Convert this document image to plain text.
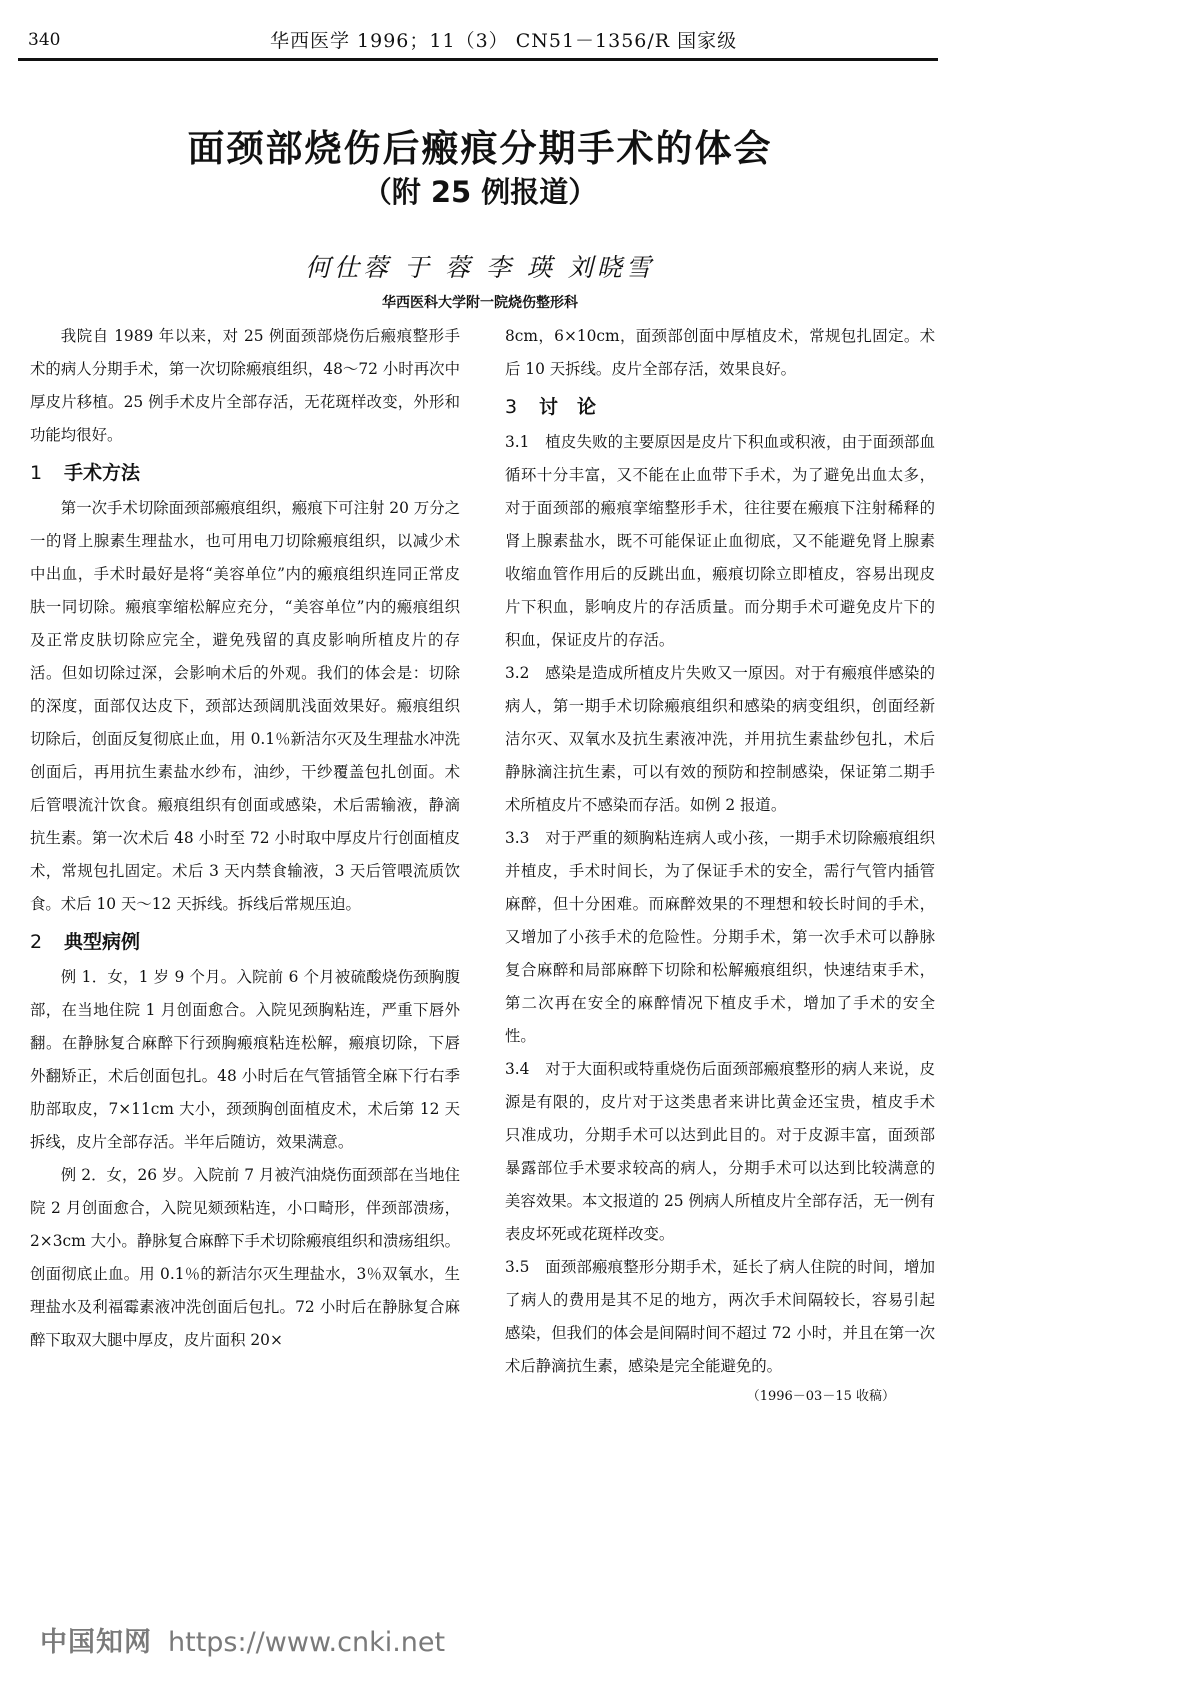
340	华西医学 1996；11（3） CN51－1356/R 国家级
面颈部烧伤后瘢痕分期手术的体会
（附 25 例报道）
何仕蓉 于 蓉 李 瑛 刘晓雪
华西医科大学附一院烧伤整形科

我院自 1989 年以来，对 25 例面颈部烧伤后瘢痕整形手术的病人分期手术，第一次切除瘢痕组织，48～72 小时再次中厚皮片移植。25 例手术皮片全部存活，无花斑样改变，外形和功能均很好。

1 手术方法

第一次手术切除面颈部瘢痕组织，瘢痕下可注射 20 万分之一的肾上腺素生理盐水，也可用电刀切除瘢痕组织，以减少术中出血，手术时最好是将“美容单位”内的瘢痕组织连同正常皮肤一同切除。瘢痕挛缩松解应充分，“美容单位”内的瘢痕组织及正常皮肤切除应完全，避免残留的真皮影响所植皮片的存活。但如切除过深，会影响术后的外观。我们的体会是：切除的深度，面部仅达皮下，颈部达颈阔肌浅面效果好。瘢痕组织切除后，创面反复彻底止血，用 0.1％新洁尔灭及生理盐水冲洗创面后，再用抗生素盐水纱布，油纱，干纱覆盖包扎创面。术后管喂流汁饮食。瘢痕组织有创面或感染，术后需输液，静滴抗生素。第一次术后 48 小时至 72 小时取中厚皮片行创面植皮术，常规包扎固定。术后 3 天内禁食输液，3 天后管喂流质饮食。术后 10 天～12 天拆线。拆线后常规压迫。

2 典型病例

例 1．女，1 岁 9 个月。入院前 6 个月被硫酸烧伤颈胸腹部，在当地住院 1 月创面愈合。入院见颈胸粘连，严重下唇外翻。在静脉复合麻醉下行颈胸瘢痕粘连松解，瘢痕切除，下唇外翻矫正，术后创面包扎。48 小时后在气管插管全麻下行右季肋部取皮，7×11cm 大小，颈颈胸创面植皮术，术后第 12 天拆线，皮片全部存活。半年后随访，效果满意。

例 2．女，26 岁。入院前 7 月被汽油烧伤面颈部在当地住院 2 月创面愈合，入院见颏颈粘连，小口畸形，伴颈部溃疡，2×3cm 大小。静脉复合麻醉下手术切除瘢痕组织和溃疡组织。创面彻底止血。用 0.1％的新洁尔灭生理盐水，3％双氧水，生理盐水及利福霉素液冲洗创面后包扎。72 小时后在静脉复合麻醉下取双大腿中厚皮，皮片面积 20×

8cm，6×10cm，面颈部创面中厚植皮术，常规包扎固定。术后 10 天拆线。皮片全部存活，效果良好。

3 讨　论

3.1　植皮失败的主要原因是皮片下积血或积液，由于面颈部血循环十分丰富，又不能在止血带下手术，为了避免出血太多，对于面颈部的瘢痕挛缩整形手术，往往要在瘢痕下注射稀释的肾上腺素盐水，既不可能保证止血彻底，又不能避免肾上腺素收缩血管作用后的反跳出血，瘢痕切除立即植皮，容易出现皮片下积血，影响皮片的存活质量。而分期手术可避免皮片下的积血，保证皮片的存活。

3.2　感染是造成所植皮片失败又一原因。对于有瘢痕伴感染的病人，第一期手术切除瘢痕组织和感染的病变组织，创面经新洁尔灭、双氧水及抗生素液冲洗，并用抗生素盐纱包扎，术后静脉滴注抗生素，可以有效的预防和控制感染，保证第二期手术所植皮片不感染而存活。如例 2 报道。

3.3　对于严重的颏胸粘连病人或小孩，一期手术切除瘢痕组织并植皮，手术时间长，为了保证手术的安全，需行气管内插管麻醉，但十分困难。而麻醉效果的不理想和较长时间的手术，又增加了小孩手术的危险性。分期手术，第一次手术可以静脉复合麻醉和局部麻醉下切除和松解瘢痕组织，快速结束手术，第二次再在安全的麻醉情况下植皮手术，增加了手术的安全性。

3.4　对于大面积或特重烧伤后面颈部瘢痕整形的病人来说，皮源是有限的，皮片对于这类患者来讲比黄金还宝贵，植皮手术只准成功，分期手术可以达到此目的。对于皮源丰富，面颈部暴露部位手术要求较高的病人，分期手术可以达到比较满意的美容效果。本文报道的 25 例病人所植皮片全部存活，无一例有表皮坏死或花斑样改变。

3.5　面颈部瘢痕整形分期手术，延长了病人住院的时间，增加了病人的费用是其不足的地方，两次手术间隔较长，容易引起感染，但我们的体会是间隔时间不超过 72 小时，并且在第一次术后静滴抗生素，感染是完全能避免的。

（1996－03－15 收稿）
中国知网 https://www.cnki.net
